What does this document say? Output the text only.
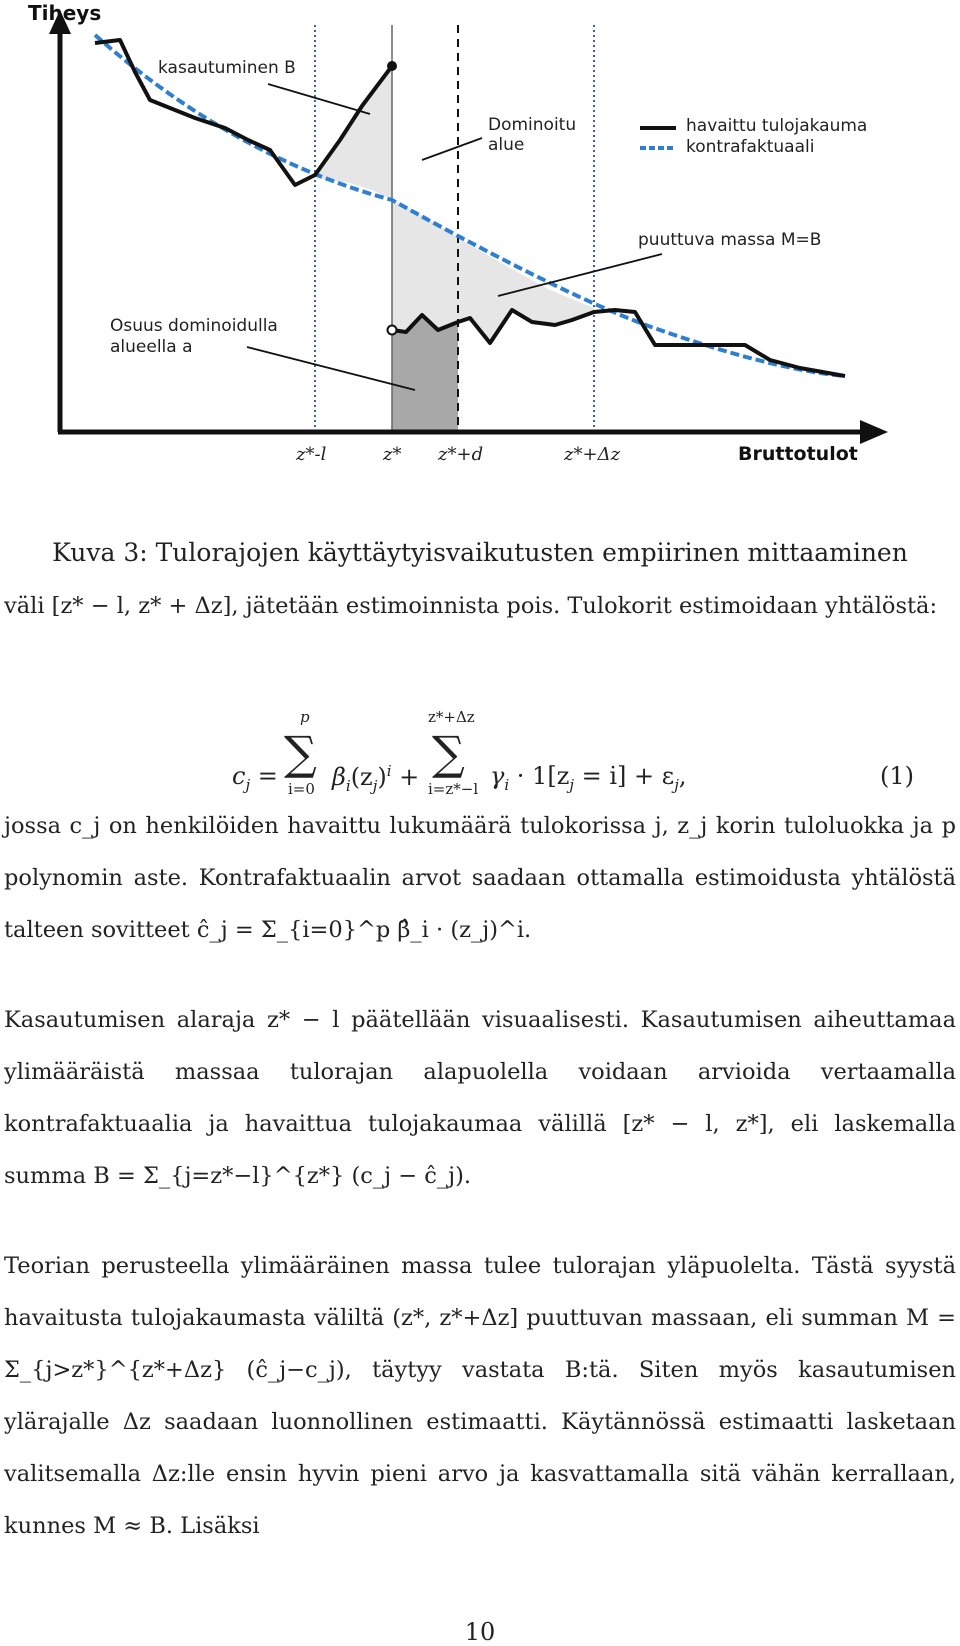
Tiheys
Bruttotulot
z*-l	z* z*+d	z*+Δz
kasautuminen B
Dominoitu
alue
puuttuva massa M=B
Osuus dominoidulla
alueella a
havaittu tulojakauma
kontrafaktuaali
Kuva 3: Tulorajojen käyttäytyisvaikutusten empiirinen mittaaminen
väli [z* − l, z* + Δz], jätetään estimoinnista pois. Tulokorit estimoidaan yhtälöstä:
$c_j$ =
p
∑
i=0 $\beta_i(z_j)^i$ +
z*+Δz
∑
i=z*−l $\gamma_i \cdot 1[z_j = i] + \varepsilon_j$,	(1)
jossa c_j on henkilöiden havaittu lukumäärä tulokorissa j, z_j korin tuloluokka ja p polynomin aste. Kontrafaktuaalin arvot saadaan ottamalla estimoidusta yhtälöstä talteen sovitteet ĉ_j = Σ_{i=0}^p β̂_i · (z_j)^i.
Kasautumisen alaraja z* − l päätellään visuaalisesti. Kasautumisen aiheuttamaa ylimääräistä massaa tulorajan alapuolella voidaan arvioida vertaamalla kontrafaktuaalia ja havaittua tulojakaumaa välillä [z* − l, z*], eli laskemalla summa B = Σ_{j=z*−l}^{z*} (c_j − ĉ_j).
Teorian perusteella ylimääräinen massa tulee tulorajan yläpuolelta. Tästä syystä havaitusta tulojakaumasta väliltä (z*, z*+Δz] puuttuvan massaan, eli summan M = Σ_{j>z*}^{z*+Δz} (ĉ_j−c_j), täytyy vastata B:tä. Siten myös kasautumisen ylärajalle Δz saadaan luonnollinen estimaatti. Käytännössä estimaatti lasketaan valitsemalla Δz:lle ensin hyvin pieni arvo ja kasvattamalla sitä vähän kerrallaan, kunnes M ≈ B. Lisäksi
10
